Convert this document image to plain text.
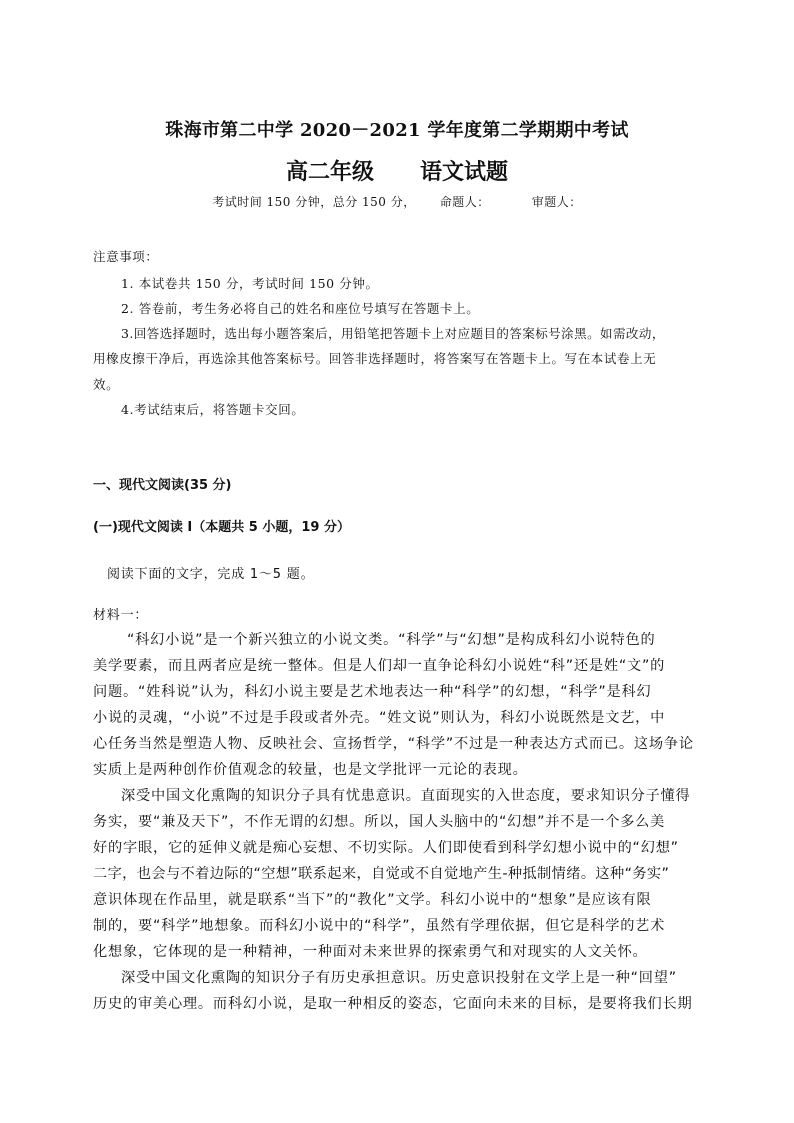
珠海市第二中学 2020－2021 学年度第二学期期中考试
高二年级 语文试题
考试时间 150 分钟，总分 150 分， 命题人：	审题人：
注意事项：
1. 本试卷共 150 分，考试时间 150 分钟。
2. 答卷前，考生务必将自己的姓名和座位号填写在答题卡上。
3.回答选择题时，选出每小题答案后，用铅笔把答题卡上对应题目的答案标号涂黑。如需改动，
用橡皮擦干净后，再选涂其他答案标号。回答非选择题时，将答案写在答题卡上。写在本试卷上无
效。
4.考试结束后，将答题卡交回。
一、现代文阅读(35 分)
(一)现代文阅读 I（本题共 5 小题，19 分）
阅读下面的文字，完成 1～5 题。
材料一：
“科幻小说”是一个新兴独立的小说文类。“科学”与“幻想”是构成科幻小说特色的
美学要素，而且两者应是统一整体。但是人们却一直争论科幻小说姓“科”还是姓“文”的
问题。“姓科说”认为，科幻小说主要是艺术地表达一种“科学”的幻想，“科学”是科幻
小说的灵魂，“小说”不过是手段或者外壳。“姓文说”则认为，科幻小说既然是文艺，中
心任务当然是塑造人物、反映社会、宣扬哲学，“科学”不过是一种表达方式而已。这场争论
实质上是两种创作价值观念的较量，也是文学批评一元论的表现。
深受中国文化熏陶的知识分子具有忧患意识。直面现实的入世态度，要求知识分子懂得
务实，要“兼及天下”，不作无谓的幻想。所以，国人头脑中的“幻想”并不是一个多么美
好的字眼，它的延伸义就是痴心妄想、不切实际。人们即使看到科学幻想小说中的“幻想”
二字，也会与不着边际的“空想”联系起来，自觉或不自觉地产生-种抵制情绪。这种“务实”
意识体现在作品里，就是联系“当下”的“教化”文学。科幻小说中的“想象”是应该有限
制的，要“科学”地想象。而科幻小说中的“科学”，虽然有学理依据，但它是科学的艺术
化想象，它体现的是一种精神，一种面对未来世界的探索勇气和对现实的人文关怀。
深受中国文化熏陶的知识分子有历史承担意识。历史意识投射在文学上是一种“回望”
历史的审美心理。而科幻小说，是取一种相反的姿态，它面向未来的目标，是要将我们长期
